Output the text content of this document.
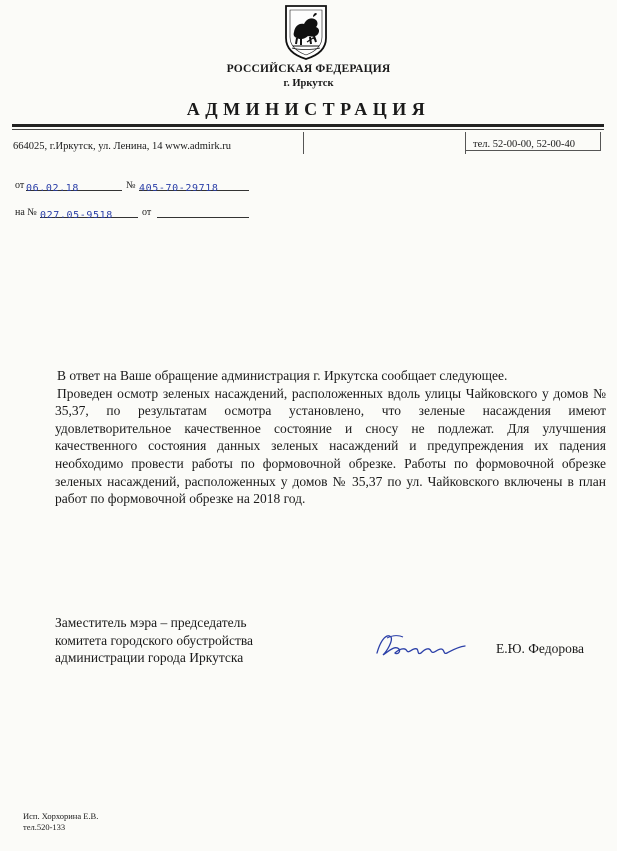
РОССИЙСКАЯ ФЕДЕРАЦИЯ
г. Иркутск
АДМИНИСТРАЦИЯ
664025, г.Иркутск, ул. Ленина, 14 www.admirk.ru	тел. 52-00-00, 52-00-40
от 06.02.18	№ 405-70-29718
на № 027.05-9518	от

В ответ на Ваше обращение администрация г. Иркутска сообщает следующее.

Проведен осмотр зеленых насаждений, расположенных вдоль улицы Чайковского у домов № 35,37, по результатам осмотра установлено, что зеленые насаждения имеют удовлетворительное качественное состояние и сносу не подлежат. Для улучшения качественного состояния данных зеленых насаждений и предупреждения их падения необходимо провести работы по формовочной обрезке. Работы по формовочной обрезке зеленых насаждений, расположенных у домов № 35,37 по ул. Чайковского включены в план работ по формовочной обрезке на 2018 год.

Заместитель мэра – председатель
комитета городского обустройства
администрации города Иркутска
Е.Ю. Федорова
Исп. Хорхорина Е.В.
тел.520-133
